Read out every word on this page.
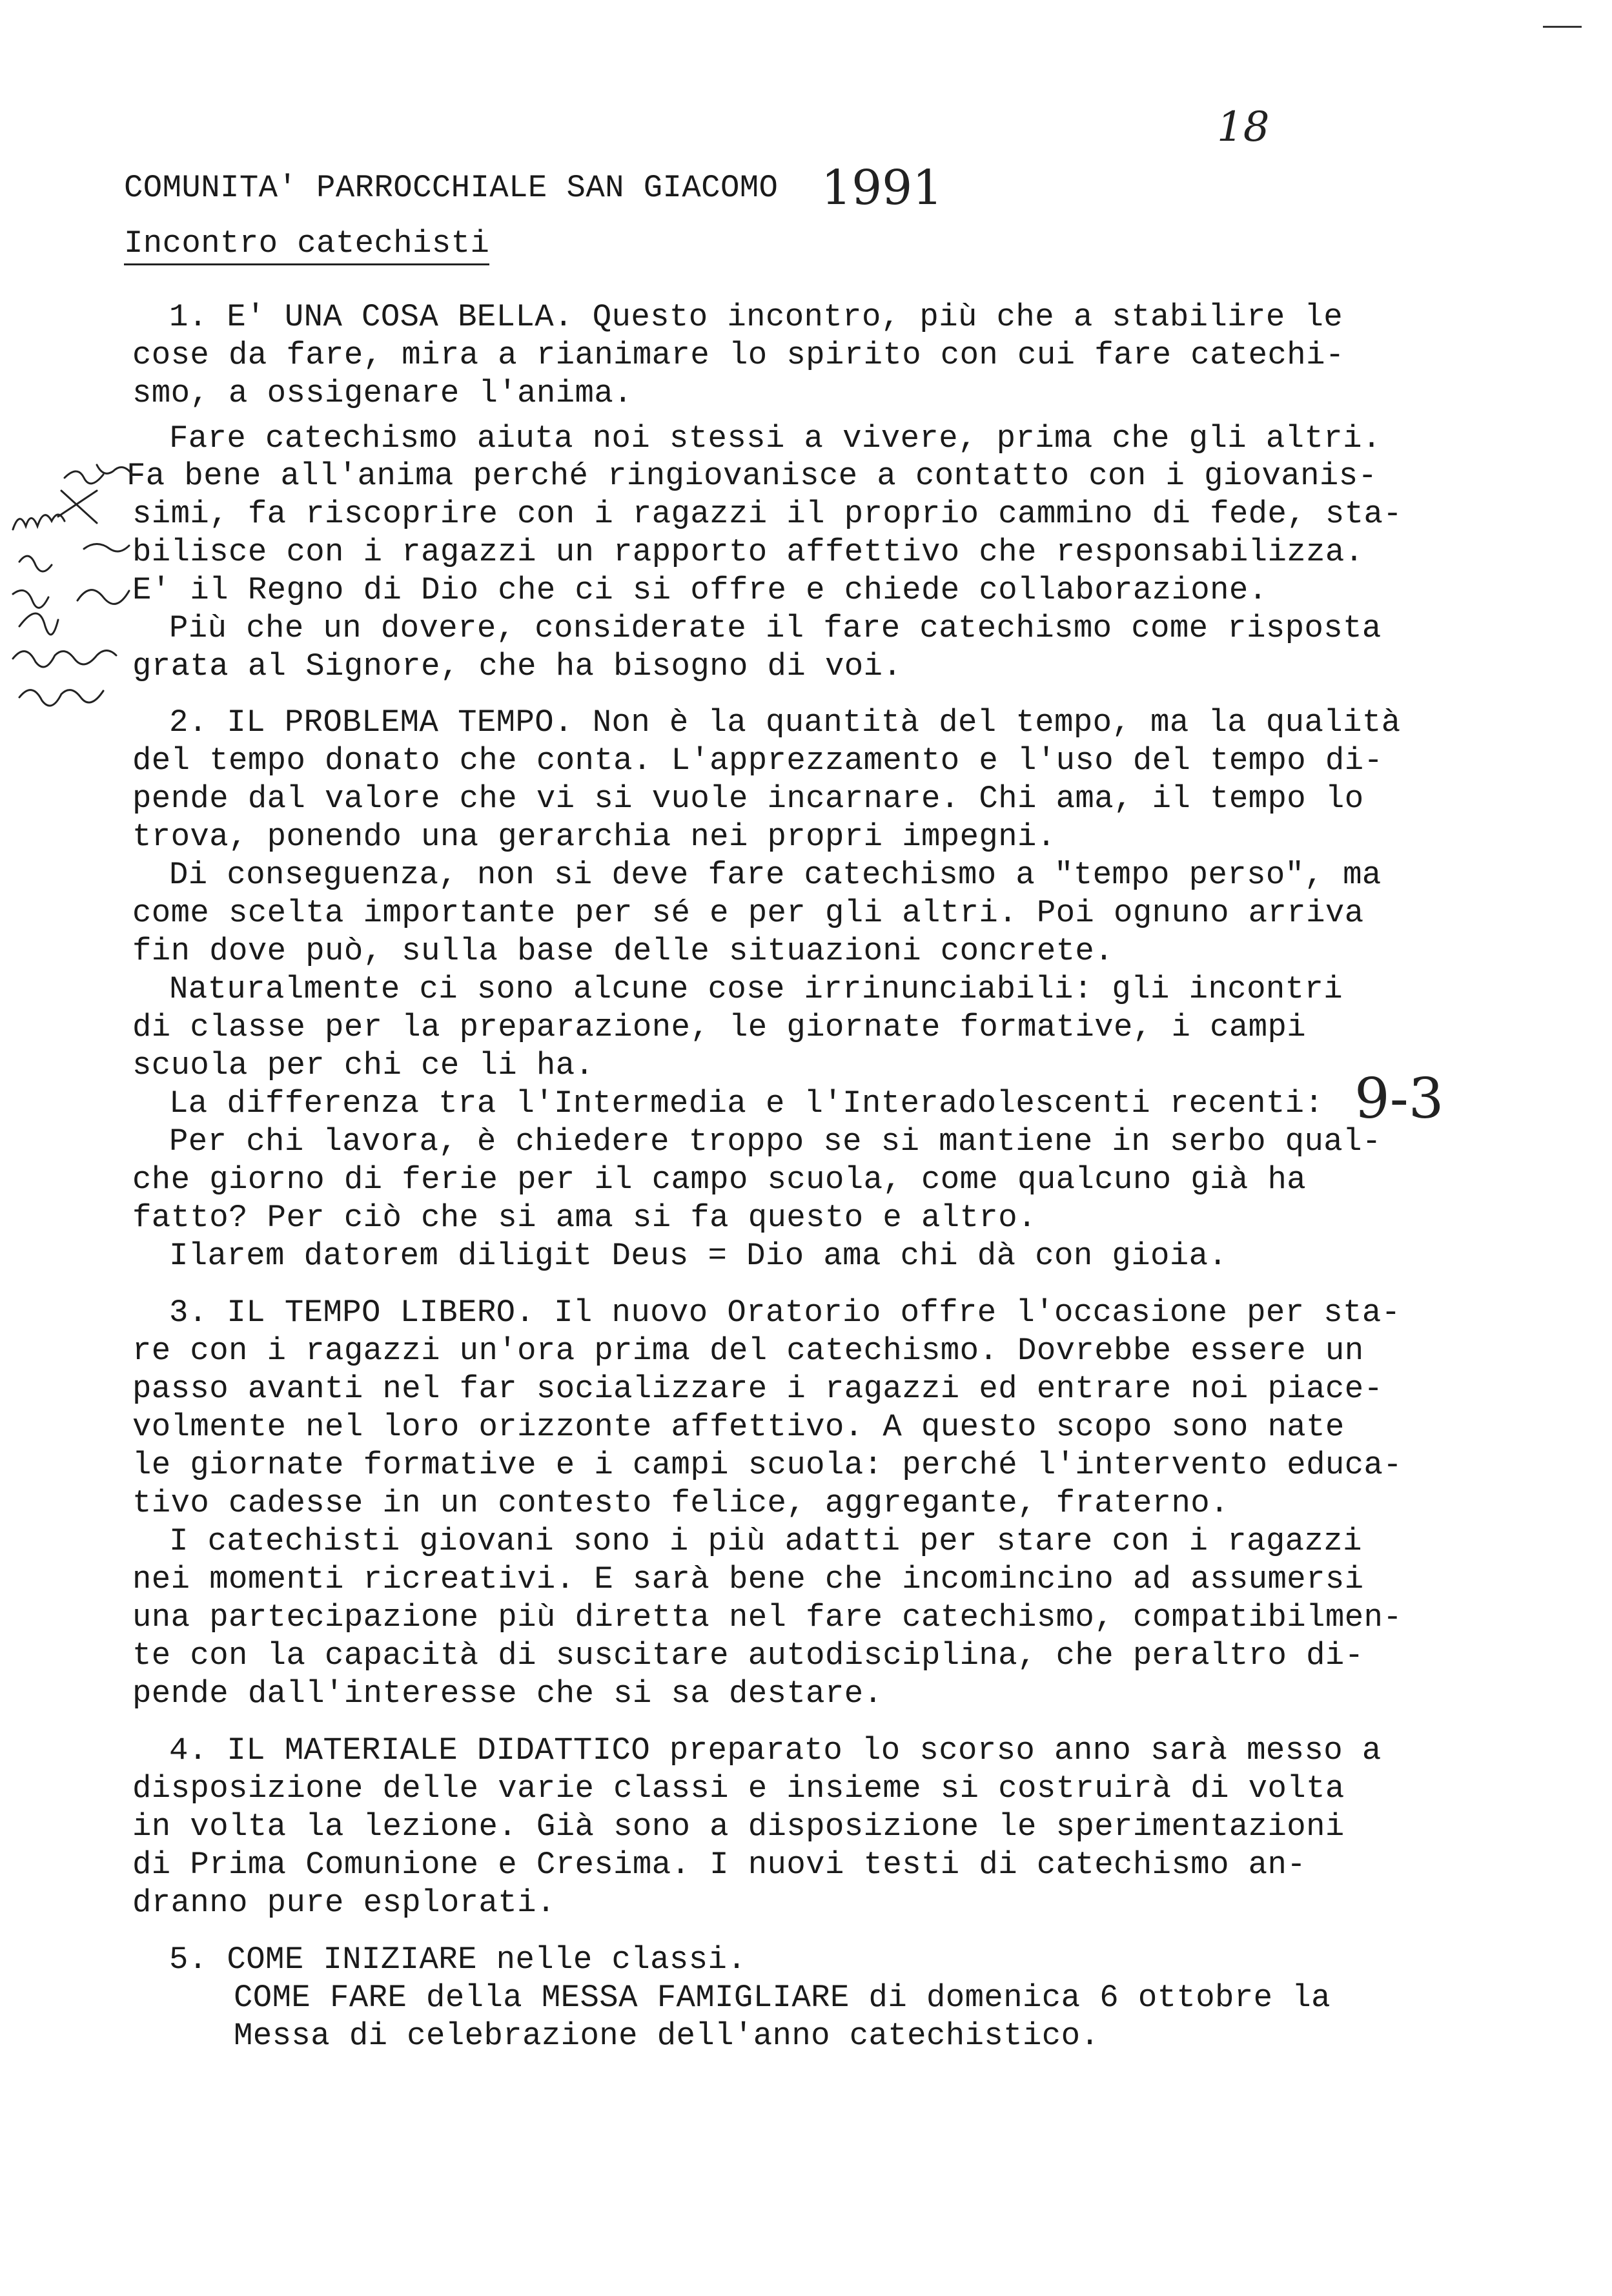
18
COMUNITA' PARROCCHIALE SAN GIACOMO 1991
Incontro catechisti
1. E' UNA COSA BELLA. Questo incontro, più che a stabilire le
cose da fare, mira a rianimare lo spirito con cui fare catechi-
smo, a ossigenare l'anima.
Fare catechismo aiuta noi stessi a vivere, prima che gli altri.
Fa bene all'anima perché ringiovanisce a contatto con i giovanis-
simi, fa riscoprire con i ragazzi il proprio cammino di fede, sta-
bilisce con i ragazzi un rapporto affettivo che responsabilizza.
E' il Regno di Dio che ci si offre e chiede collaborazione.
Più che un dovere, considerate il fare catechismo come risposta
grata al Signore, che ha bisogno di voi.
2. IL PROBLEMA TEMPO. Non è la quantità del tempo, ma la qualità
del tempo donato che conta. L'apprezzamento e l'uso del tempo di-
pende dal valore che vi si vuole incarnare. Chi ama, il tempo lo
trova, ponendo una gerarchia nei propri impegni.
Di conseguenza, non si deve fare catechismo a "tempo perso", ma
come scelta importante per sé e per gli altri. Poi ognuno arriva
fin dove può, sulla base delle situazioni concrete.
Naturalmente ci sono alcune cose irrinunciabili: gli incontri
di classe per la preparazione, le giornate formative, i campi
scuola per chi ce li ha.
La differenza tra l'Intermedia e l'Interadolescenti recenti: 9-3
Per chi lavora, è chiedere troppo se si mantiene in serbo qual-
che giorno di ferie per il campo scuola, come qualcuno già ha
fatto? Per ciò che si ama si fa questo e altro.
Ilarem datorem diligit Deus = Dio ama chi dà con gioia.
3. IL TEMPO LIBERO. Il nuovo Oratorio offre l'occasione per sta-
re con i ragazzi un'ora prima del catechismo. Dovrebbe essere un
passo avanti nel far socializzare i ragazzi ed entrare noi piace-
volmente nel loro orizzonte affettivo. A questo scopo sono nate
le giornate formative e i campi scuola: perché l'intervento educa-
tivo cadesse in un contesto felice, aggregante, fraterno.
I catechisti giovani sono i più adatti per stare con i ragazzi
nei momenti ricreativi. E sarà bene che incomincino ad assumersi
una partecipazione più diretta nel fare catechismo, compatibilmen-
te con la capacità di suscitare autodisciplina, che peraltro di-
pende dall'interesse che si sa destare.
4. IL MATERIALE DIDATTICO preparato lo scorso anno sarà messo a
disposizione delle varie classi e insieme si costruirà di volta
in volta la lezione. Già sono a disposizione le sperimentazioni
di Prima Comunione e Cresima. I nuovi testi di catechismo an-
dranno pure esplorati.
5. COME INIZIARE nelle classi.
COME FARE della MESSA FAMIGLIARE di domenica 6 ottobre la
Messa di celebrazione dell'anno catechistico.
